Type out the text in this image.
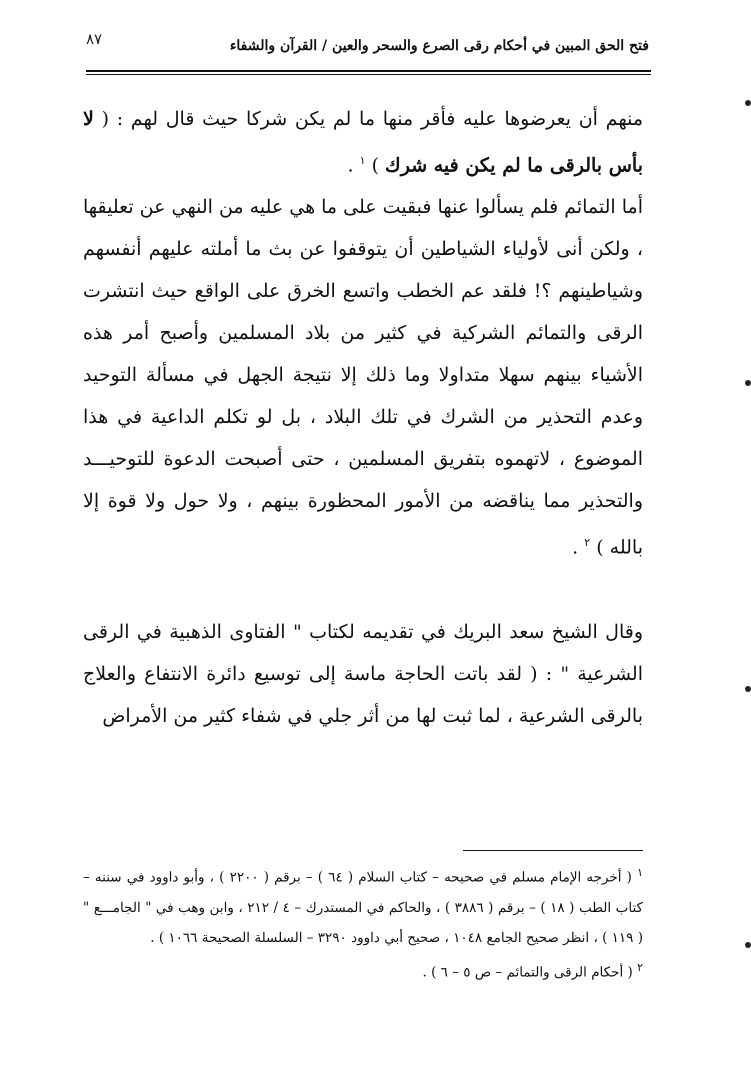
٨٧	فتح الحق المبين في أحكام رقى الصرع والسحر والعين / القرآن والشفاء

منهم أن يعرضوها عليه فأقر منها ما لم يكن شركا حيث قال لهم : ( لا بأس بالرقى ما لم يكن فيه شرك ) $^١$ .

أما التمائم فلم يسألوا عنها فبقيت على ما هي عليه من النهي عن تعليقها ، ولكن أنى لأولياء الشياطين أن يتوقفوا عن بث ما أملته عليهم أنفسهم وشياطينهم ؟! فلقد عم الخطب واتسع الخرق على الواقع حيث انتشرت الرقى والتمائم الشركية في كثير من بلاد المسلمين وأصبح أمر هذه الأشياء بينهم سهلا متداولا وما ذلك إلا نتيجة الجهل في مسألة التوحيد وعدم التحذير من الشرك في تلك البلاد ، بل لو تكلم الداعية في هذا الموضوع ، لاتهموه بتفريق المسلمين ، حتى أصبحت الدعوة للتوحيـــد والتحذير مما يناقضه من الأمور المحظورة بينهم ، ولا حول ولا قوة إلا بالله ) $^٢$ .

وقال الشيخ سعد البريك في تقديمه لكتاب " الفتاوى الذهبية في الرقى الشرعية " : ( لقد باتت الحاجة ماسة إلى توسيع دائرة الانتفاع والعلاج بالرقى الشرعية ، لما ثبت لها من أثر جلي في شفاء كثير من الأمراض

$^١$ ( أخرجه الإمام مسلم في صحيحه – كتاب السلام ( ٦٤ ) – برقم ( ٢٢٠٠ ) ، وأبو داوود في سننه – كتاب الطب ( ١٨ ) – برقم ( ٣٨٨٦ ) ، والحاكم في المستدرك – ٤ / ٢١٢ ، وابن وهب في " الجامـــع " ( ١١٩ ) ، انظر صحيح الجامع ١٠٤٨ ، صحيح أبي داوود ٣٢٩٠ – السلسلة الصحيحة ١٠٦٦ ) .

$^٢$ ( أحكام الرقى والتمائم – ص ٥ – ٦ ) .
